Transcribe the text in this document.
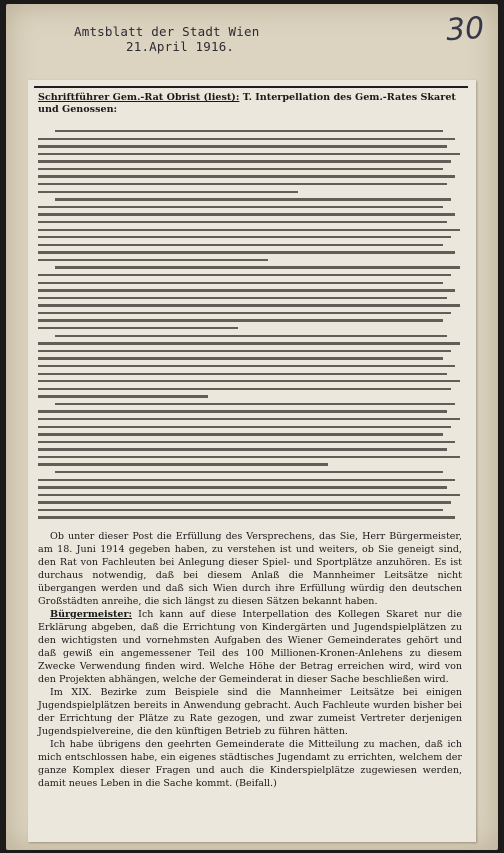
Amtsblatt der Stadt Wien
21.April 1916.	30
Schriftführer Gem.-Rat Obrist (liest): T. Interpellation des Gem.-Rates Skaret und Genossen:

Ob unter dieser Post die Erfüllung des Versprechens, das Sie, Herr Bürgermeister, am 18. Juni 1914 gegeben haben, zu verstehen ist und weiters, ob Sie geneigt sind, den Rat von Fachleuten bei Anlegung dieser Spiel- und Sportplätze anzuhören. Es ist durchaus notwendig, daß bei diesem Anlaß die Mannheimer Leitsätze nicht übergangen werden und daß sich Wien durch ihre Erfüllung würdig den deutschen Großstädten anreihe, die sich längst zu diesen Sätzen bekannt haben.

Bürgermeister: Ich kann auf diese Interpellation des Kollegen Skaret nur die Erklärung abgeben, daß die Errichtung von Kindergärten und Jugendspielplätzen zu den wichtigsten und vornehmsten Aufgaben des Wiener Gemeinderates gehört und daß gewiß ein angemessener Teil des 100 Millionen-Kronen-Anlehens zu diesem Zwecke Verwendung finden wird. Welche Höhe der Betrag erreichen wird, wird von den Projekten abhängen, welche der Gemeinderat in dieser Sache beschließen wird.

Im XIX. Bezirke zum Beispiele sind die Mannheimer Leitsätze bei einigen Jugendspielplätzen bereits in Anwendung gebracht. Auch Fachleute wurden bisher bei der Errichtung der Plätze zu Rate gezogen, und zwar zumeist Vertreter derjenigen Jugendspielvereine, die den künftigen Betrieb zu führen hätten.

Ich habe übrigens den geehrten Gemeinderate die Mitteilung zu machen, daß ich mich entschlossen habe, ein eigenes städtisches Jugendamt zu errichten, welchem der ganze Komplex dieser Fragen und auch die Kinderspielplätze zugewiesen werden, damit neues Leben in die Sache kommt. (Beifall.)
